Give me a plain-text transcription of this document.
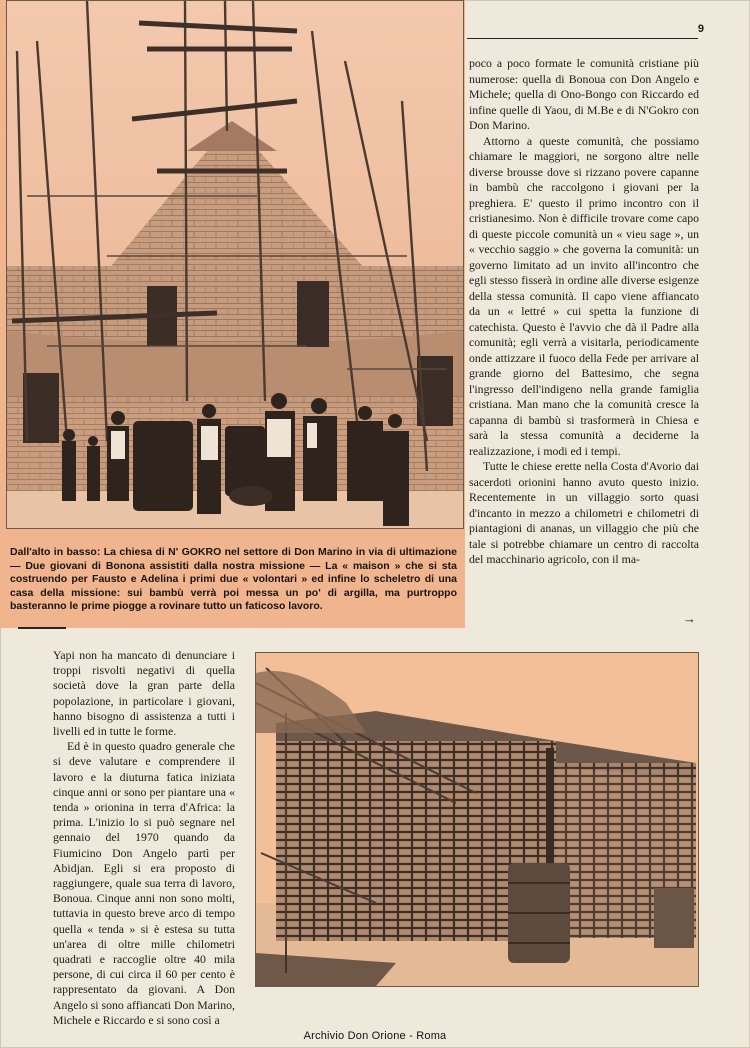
9

poco a poco formate le comunità cristiane più numerose: quella di Bonoua con Don Angelo e Michele; quella di Ono-Bongo con Riccardo ed infine quelle di Yaou, di M.Be e di N'Gokro con Don Marino.

Attorno a queste comunità, che possiamo chiamare le maggiori, ne sorgono altre nelle diverse brousse dove si rizzano povere capanne in bambù che raccolgono i giovani per la preghiera. E' questo il primo incontro con il cristianesimo. Non è difficile trovare come capo di queste piccole comunità un « vieu sage », un « vecchio saggio » che governa la comunità: un governo limitato ad un invito all'incontro che egli stesso fisserà in ordine alle diverse esigenze della stessa comunità. Il capo viene affiancato da un « lettré » cui spetta la funzione di catechista. Questo è l'avvio che dà il Padre alla comunità; egli verrà a visitarla, periodicamente onde attizzare il fuoco della Fede per arrivare al grande giorno del Battesimo, che segna l'ingresso dell'indigeno nella grande famiglia cristiana. Man mano che la comunità cresce la capanna di bambù si trasformerà in Chiesa e sarà la stessa comunità a deciderne la realizzazione, i modi ed i tempi.

Tutte le chiese erette nella Costa d'Avorio dai sacerdoti orionini hanno avuto questo inizio. Recentemente in un villaggio sorto quasi d'incanto in mezzo a chilometri e chilometri di piantagioni di ananas, un villaggio che più che tale si potrebbe chiamare un centro di raccolta del macchinario agricolo, con il ma-

→
Dall'alto in basso: La chiesa di N' GOKRO nel settore di Don Marino in via di ultimazione — Due giovani di Bonona assistiti dalla nostra missione — La « maison » che si sta costruendo per Fausto e Adelina i primi due « volontari » ed infine lo scheletro di una casa della missione: sui bambù verrà poi messa un po' di argilla, ma purtroppo basteranno le prime piogge a rovinare tutto un faticoso lavoro.

Yapi non ha mancato di denunciare i troppi risvolti negativi di quella società dove la gran parte della popolazione, in particolare i giovani, hanno bisogno di assistenza a tutti i livelli ed in tutte le forme.

Ed è in questo quadro generale che si deve valutare e comprendere il lavoro e la diuturna fatica iniziata cinque anni or sono per piantare una « tenda » orionina in terra d'Africa: la prima. L'inizio lo si può segnare nel gennaio del 1970 quando da Fiumicino Don Angelo partì per Abidjan. Egli si era proposto di raggiungere, quale sua terra di lavoro, Bonoua. Cinque anni non sono molti, tuttavia in questo breve arco di tempo quella « tenda » si è estesa su tutta un'area di oltre mille chilometri quadrati e raccoglie oltre 40 mila persone, di cui circa il 60 per cento è rappresentato da giovani. A Don Angelo si sono affiancati Don Marino, Michele e Riccardo e si sono così a

Archivio Don Orione - Roma
